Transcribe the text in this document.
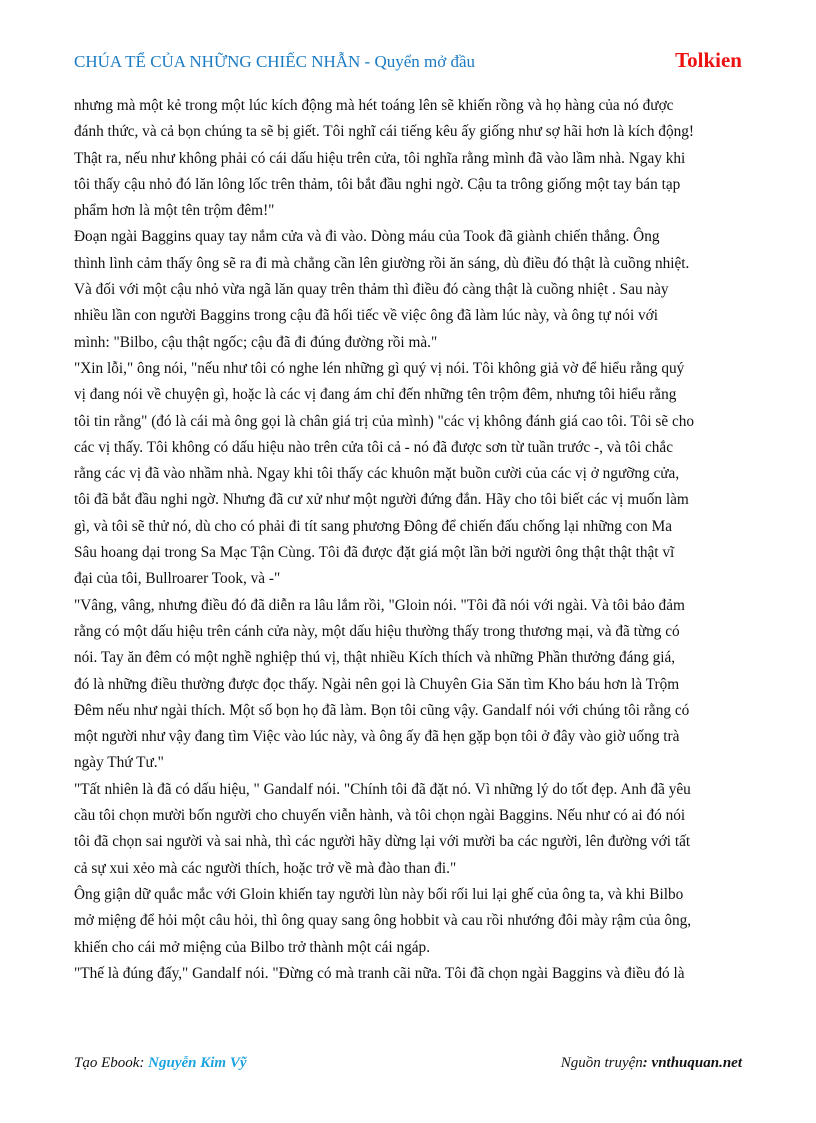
CHÚA TỂ CỦA NHỮNG CHIẾC NHẪN - Quyển mở đầu	Tolkien
nhưng mà một kẻ trong một lúc kích động mà hét toáng lên sẽ khiến rồng và họ hàng của nó được
đánh thức, và cả bọn chúng ta sẽ bị giết. Tôi nghĩ cái tiếng kêu ấy giống như sợ hãi hơn là kích động!
Thật ra, nếu như không phải có cái dấu hiệu trên cửa, tôi nghĩa rằng mình đã vào lầm nhà. Ngay khi
tôi thấy cậu nhỏ đó lăn lông lốc trên thảm, tôi bắt đầu nghi ngờ. Cậu ta trông giống một tay bán tạp
phẩm hơn là một tên trộm đêm!"
Đoạn ngài Baggins quay tay nắm cửa và đi vào. Dòng máu của Took đã giành chiến thắng. Ông
thình lình cảm thấy ông sẽ ra đi mà chẳng cần lên giường rồi ăn sáng, dù điều đó thật là cuồng nhiệt.
Và đối với một cậu nhỏ vừa ngã lăn quay trên thảm thì điều đó càng thật là cuồng nhiệt . Sau này
nhiều lần con người Baggins trong cậu đã hối tiếc về việc ông đã làm lúc này, và ông tự nói với
mình: "Bilbo, cậu thật ngốc; cậu đã đi đúng đường rồi mà."
"Xin lỗi," ông nói, "nếu như tôi có nghe lén những gì quý vị nói. Tôi không giả vờ để hiểu rằng quý
vị đang nói về chuyện gì, hoặc là các vị đang ám chỉ đến những tên trộm đêm, nhưng tôi hiểu rằng
tôi tin rằng" (đó là cái mà ông gọi là chân giá trị của mình) "các vị không đánh giá cao tôi. Tôi sẽ cho
các vị thấy. Tôi không có dấu hiệu nào trên cửa tôi cả - nó đã được sơn từ tuần trước -, và tôi chắc
rằng các vị đã vào nhầm nhà. Ngay khi tôi thấy các khuôn mặt buồn cười của các vị ở ngưỡng cửa,
tôi đã bắt đầu nghi ngờ. Nhưng đã cư xử như một người đứng đắn. Hãy cho tôi biết các vị muốn làm
gì, và tôi sẽ thử nó, dù cho có phải đi tít sang phương Đông để chiến đấu chống lại những con Ma
Sâu hoang dại trong Sa Mạc Tận Cùng. Tôi đã được đặt giá một lần bởi người ông thật thật thật vĩ
đại của tôi, Bullroarer Took, và -"
"Vâng, vâng, nhưng điều đó đã diễn ra lâu lắm rồi, "Gloin nói. "Tôi đã nói với ngài. Và tôi bảo đảm
rằng có một dấu hiệu trên cánh cửa này, một dấu hiệu thường thấy trong thương mại, và đã từng có
nói. Tay ăn đêm có một nghề nghiệp thú vị, thật nhiều Kích thích và những Phần thưởng đáng giá,
đó là những điều thường được đọc thấy. Ngài nên gọi là Chuyên Gia Săn tìm Kho báu hơn là Trộm
Đêm nếu như ngài thích. Một số bọn họ đã làm. Bọn tôi cũng vậy. Gandalf nói với chúng tôi rằng có
một người như vậy đang tìm Việc vào lúc này, và ông ấy đã hẹn gặp bọn tôi ở đây vào giờ uống trà
ngày Thứ Tư."
"Tất nhiên là đã có dấu hiệu, " Gandalf nói. "Chính tôi đã đặt nó. Vì những lý do tốt đẹp. Anh đã yêu
cầu tôi chọn mười bốn người cho chuyến viễn hành, và tôi chọn ngài Baggins. Nếu như có ai đó nói
tôi đã chọn sai người và sai nhà, thì các người hãy dừng lại với mười ba các người, lên đường với tất
cả sự xui xẻo mà các người thích, hoặc trở về mà đào than đi."
Ông giận dữ quắc mắc với Gloin khiến tay người lùn này bối rối lui lại ghế của ông ta, và khi Bilbo
mở miệng để hỏi một câu hỏi, thì ông quay sang ông hobbit và cau rồi nhướng đôi mày rậm của ông,
khiến cho cái mở miệng của Bilbo trở thành một cái ngáp.
"Thế là đúng đấy," Gandalf nói. "Đừng có mà tranh cãi nữa. Tôi đã chọn ngài Baggins và điều đó là
Tạo Ebook: Nguyễn Kim Vỹ	Nguồn truyện: vnthuquan.net
